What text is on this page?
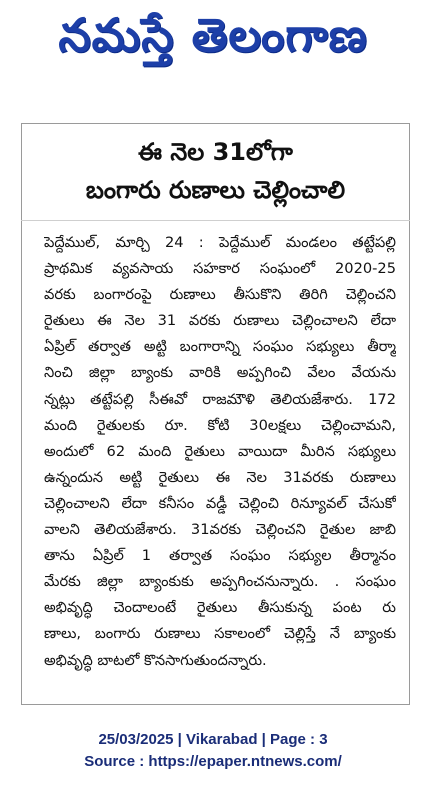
నమస్తే తెలంగాణ
ఈ నెల 31లోగా
బంగారు రుణాలు చెల్లించాలి
పెద్దేముల్, మార్చి 24 : పెద్దేముల్ మండలం తట్టేపల్లి
ప్రాథమిక వ్యవసాయ సహకార సంఘంలో 2020-25
వరకు బంగారంపై రుణాలు తీసుకొని తిరిగి చెల్లించని
రైతులు ఈ నెల 31 వరకు రుణాలు చెల్లించాలని లేదా
ఏప్రిల్ తర్వాత అట్టి బంగారాన్ని సంఘం సభ్యులు తీర్మా
నించి జిల్లా బ్యాంకు వారికి అప్పగించి వేలం వేయను
న్నట్లు తట్టేపల్లి సీఈవో రాజమౌళి తెలియజేశారు. 172
మంది రైతులకు రూ. కోటి 30లక్షలు చెల్లించామని,
అందులో 62 మంది రైతులు వాయిదా మీరిన సభ్యులు
ఉన్నందున అట్టి రైతులు ఈ నెల 31వరకు రుణాలు
చెల్లించాలని లేదా కనీసం వడ్డీ చెల్లించి రిన్యూవల్ చేసుకో
వాలని తెలియజేశారు. 31వరకు చెల్లించని రైతుల జాబి
తాను ఏప్రిల్ 1 తర్వాత సంఘం సభ్యుల తీర్మానం
మేరకు జిల్లా బ్యాంకుకు అప్పగించనున్నారు. . సంఘం
అభివృద్ధి చెందాలంటే రైతులు తీసుకున్న పంట రు
ణాలు, బంగారు రుణాలు సకాలంలో చెల్లిస్తే నే బ్యాంకు
అభివృద్ధి బాటలో కొనసాగుతుందన్నారు.
25/03/2025 | Vikarabad | Page : 3
Source : https://epaper.ntnews.com/
